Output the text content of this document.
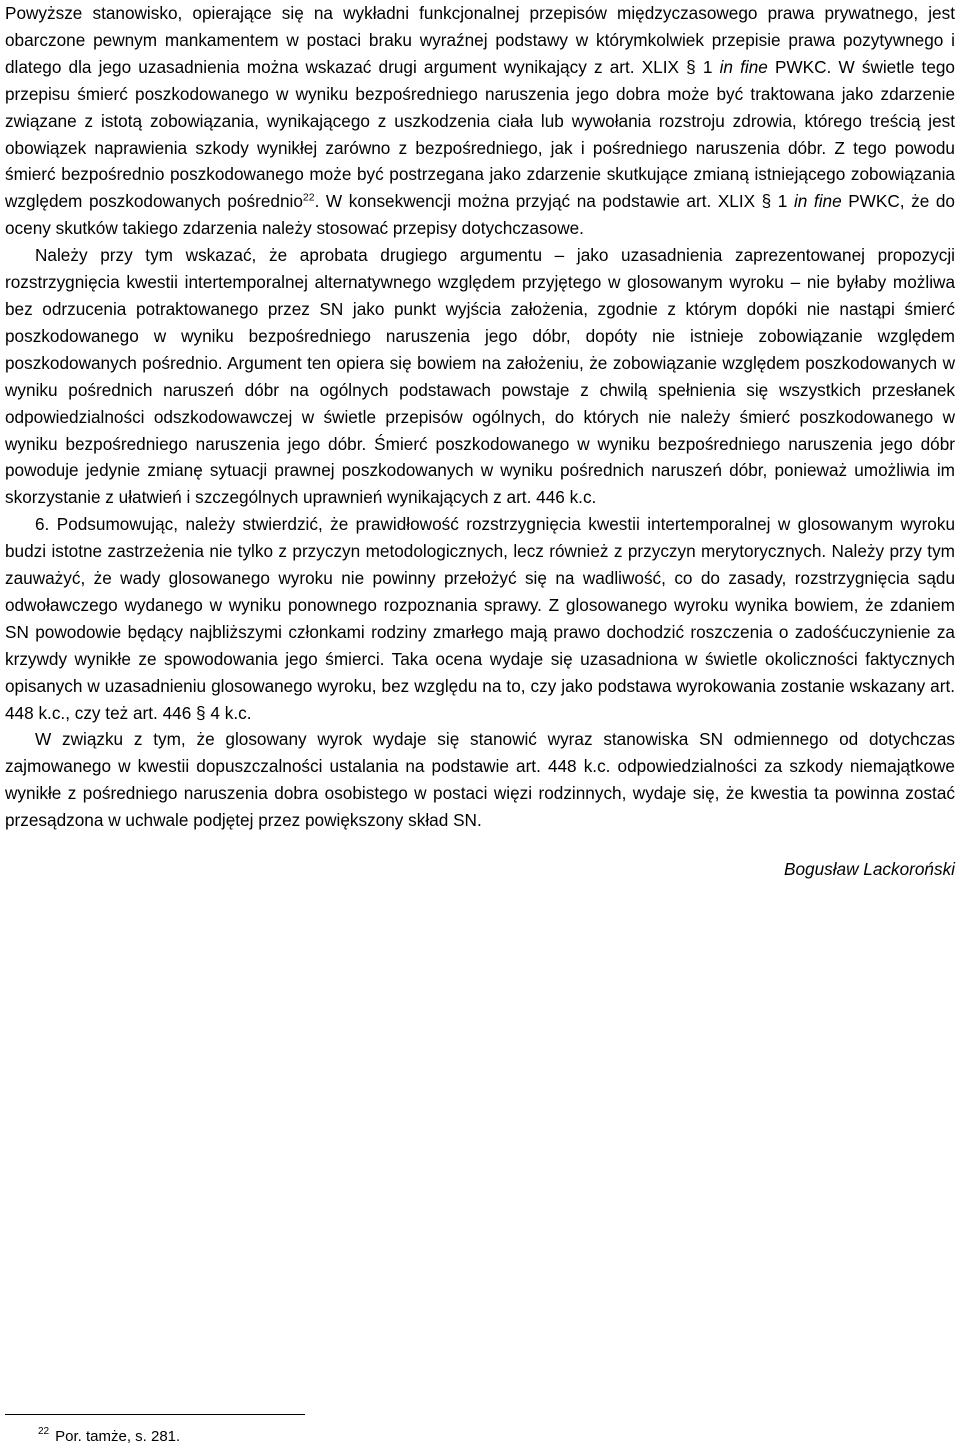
Powyższe stanowisko, opierające się na wykładni funkcjonalnej przepisów międzyczasowego prawa prywatnego, jest obarczone pewnym mankamentem w postaci braku wyraźnej podstawy w którymkolwiek przepisie prawa pozytywnego i dlatego dla jego uzasadnienia można wskazać drugi argument wynikający z art. XLIX § 1 in fine PWKC. W świetle tego przepisu śmierć poszkodowanego w wyniku bezpośredniego naruszenia jego dobra może być traktowana jako zdarzenie związane z istotą zobowiązania, wynikającego z uszkodzenia ciała lub wywołania rozstroju zdrowia, którego treścią jest obowiązek naprawienia szkody wynikłej zarówno z bezpośredniego, jak i pośredniego naruszenia dóbr. Z tego powodu śmierć bezpośrednio poszkodowanego może być postrzegana jako zdarzenie skutkujące zmianą istniejącego zobowiązania względem poszkodowanych pośrednio$^{22}$. W konsekwencji można przyjąć na podstawie art. XLIX § 1 in fine PWKC, że do oceny skutków takiego zdarzenia należy stosować przepisy dotychczasowe.

Należy przy tym wskazać, że aprobata drugiego argumentu – jako uzasadnienia zaprezentowanej propozycji rozstrzygnięcia kwestii intertemporalnej alternatywnego względem przyjętego w glosowanym wyroku – nie byłaby możliwa bez odrzucenia potraktowanego przez SN jako punkt wyjścia założenia, zgodnie z którym dopóki nie nastąpi śmierć poszkodowanego w wyniku bezpośredniego naruszenia jego dóbr, dopóty nie istnieje zobowiązanie względem poszkodowanych pośrednio. Argument ten opiera się bowiem na założeniu, że zobowiązanie względem poszkodowanych w wyniku pośrednich naruszeń dóbr na ogólnych podstawach powstaje z chwilą spełnienia się wszystkich przesłanek odpowiedzialności odszkodowawczej w świetle przepisów ogólnych, do których nie należy śmierć poszkodowanego w wyniku bezpośredniego naruszenia jego dóbr. Śmierć poszkodowanego w wyniku bezpośredniego naruszenia jego dóbr powoduje jedynie zmianę sytuacji prawnej poszkodowanych w wyniku pośrednich naruszeń dóbr, ponieważ umożliwia im skorzystanie z ułatwień i szczególnych uprawnień wynikających z art. 446 k.c.

6. Podsumowując, należy stwierdzić, że prawidłowość rozstrzygnięcia kwestii intertemporalnej w glosowanym wyroku budzi istotne zastrzeżenia nie tylko z przyczyn metodologicznych, lecz również z przyczyn merytorycznych. Należy przy tym zauważyć, że wady glosowanego wyroku nie powinny przełożyć się na wadliwość, co do zasady, rozstrzygnięcia sądu odwoławczego wydanego w wyniku ponownego rozpoznania sprawy. Z glosowanego wyroku wynika bowiem, że zdaniem SN powodowie będący najbliższymi członkami rodziny zmarłego mają prawo dochodzić roszczenia o zadośćuczynienie za krzywdy wynikłe ze spowodowania jego śmierci. Taka ocena wydaje się uzasadniona w świetle okoliczności faktycznych opisanych w uzasadnieniu glosowanego wyroku, bez względu na to, czy jako podstawa wyrokowania zostanie wskazany art. 448 k.c., czy też art. 446 § 4 k.c.

W związku z tym, że glosowany wyrok wydaje się stanowić wyraz stanowiska SN odmiennego od dotychczas zajmowanego w kwestii dopuszczalności ustalania na podstawie art. 448 k.c. odpowiedzialności za szkody niemajątkowe wynikłe z pośredniego naruszenia dobra osobistego w postaci więzi rodzinnych, wydaje się, że kwestia ta powinna zostać przesądzona w uchwale podjętej przez powiększony skład SN.

Bogusław Lackoroński

$^{22}$ Por. tamże, s. 281.
